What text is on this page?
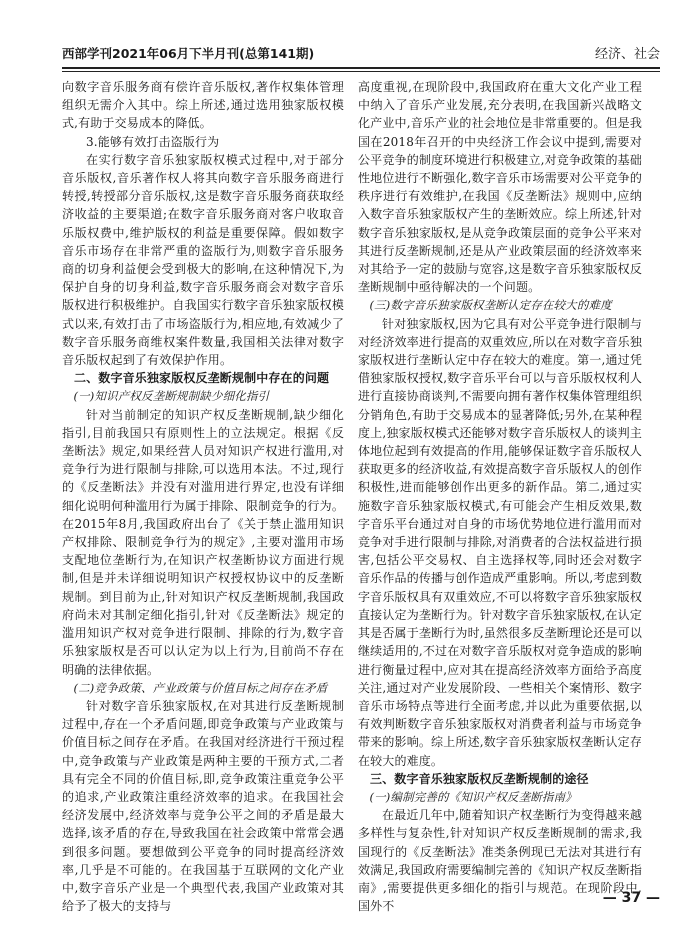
西部学刊2021年06月下半月刊(总第141期)	经济、社会

向数字音乐服务商有偿许音乐版权,著作权集体管理组织无需介入其中。综上所述,通过选用独家版权模式,有助于交易成本的降低。

3.能够有效打击盗版行为

在实行数字音乐独家版权模式过程中,对于部分音乐版权,音乐著作权人将其向数字音乐服务商进行转授,转授部分音乐版权,这是数字音乐服务商获取经济收益的主要渠道;在数字音乐服务商对客户收取音乐版权费中,维护版权的利益是重要保障。假如数字音乐市场存在非常严重的盗版行为,则数字音乐服务商的切身利益便会受到极大的影响,在这种情况下,为保护自身的切身利益,数字音乐服务商会对数字音乐版权进行积极维护。自我国实行数字音乐独家版权模式以来,有效打击了市场盗版行为,相应地,有效减少了数字音乐服务商维权案件数量,我国相关法律对数字音乐版权起到了有效保护作用。

二、数字音乐独家版权反垄断规制中存在的问题

(一)知识产权反垄断规制缺少细化指引

针对当前制定的知识产权反垄断规制,缺少细化指引,目前我国只有原则性上的立法规定。根据《反垄断法》规定,如果经营人员对知识产权进行滥用,对竞争行为进行限制与排除,可以选用本法。不过,现行的《反垄断法》并没有对滥用进行界定,也没有详细细化说明何种滥用行为属于排除、限制竞争的行为。在2015年8月,我国政府出台了《关于禁止滥用知识产权排除、限制竞争行为的规定》,主要对滥用市场支配地位垄断行为,在知识产权垄断协议方面进行规制,但是并未详细说明知识产权授权协议中的反垄断规制。到目前为止,针对知识产权反垄断规制,我国政府尚未对其制定细化指引,针对《反垄断法》规定的滥用知识产权对竞争进行限制、排除的行为,数字音乐独家版权是否可以认定为以上行为,目前尚不存在明确的法律依据。

(二)竞争政策、产业政策与价值目标之间存在矛盾

针对数字音乐独家版权,在对其进行反垄断规制过程中,存在一个矛盾问题,即竞争政策与产业政策与价值目标之间存在矛盾。在我国对经济进行干预过程中,竞争政策与产业政策是两种主要的干预方式,二者具有完全不同的价值目标,即,竞争政策注重竞争公平的追求,产业政策注重经济效率的追求。在我国社会经济发展中,经济效率与竞争公平之间的矛盾是最大选择,该矛盾的存在,导致我国在社会政策中常常会遇到很多问题。要想做到公平竞争的同时提高经济效率,几乎是不可能的。在我国基于互联网的文化产业中,数字音乐产业是一个典型代表,我国产业政策对其给予了极大的支持与

高度重视,在现阶段中,我国政府在重大文化产业工程中纳入了音乐产业发展,充分表明,在我国新兴战略文化产业中,音乐产业的社会地位是非常重要的。但是我国在2018年召开的中央经济工作会议中提到,需要对公平竞争的制度环境进行积极建立,对竞争政策的基础性地位进行不断强化,数字音乐市场需要对公平竞争的秩序进行有效维护,在我国《反垄断法》规则中,应纳入数字音乐独家版权产生的垄断效应。综上所述,针对数字音乐独家版权,是从竞争政策层面的竞争公平来对其进行反垄断规制,还是从产业政策层面的经济效率来对其给予一定的鼓励与宽容,这是数字音乐独家版权反垄断规制中亟待解决的一个问题。

(三)数字音乐独家版权垄断认定存在较大的难度

针对独家版权,因为它具有对公平竞争进行限制与对经济效率进行提高的双重效应,所以在对数字音乐独家版权进行垄断认定中存在较大的难度。第一,通过凭借独家版权授权,数字音乐平台可以与音乐版权权利人进行直接协商谈判,不需要向拥有著作权集体管理组织分销角色,有助于交易成本的显著降低;另外,在某种程度上,独家版权模式还能够对数字音乐版权人的谈判主体地位起到有效提高的作用,能够保证数字音乐版权人获取更多的经济收益,有效提高数字音乐版权人的创作积极性,进而能够创作出更多的新作品。第二,通过实施数字音乐独家版权模式,有可能会产生相反效果,数字音乐平台通过对自身的市场优势地位进行滥用而对竞争对手进行限制与排除,对消费者的合法权益进行损害,包括公平交易权、自主选择权等,同时还会对数字音乐作品的传播与创作造成严重影响。所以,考虑到数字音乐版权具有双重效应,不可以将数字音乐独家版权直接认定为垄断行为。针对数字音乐独家版权,在认定其是否属于垄断行为时,虽然很多反垄断理论还是可以继续适用的,不过在对数字音乐版权对竞争造成的影响进行衡量过程中,应对其在提高经济效率方面给予高度关注,通过对产业发展阶段、一些相关个案情形、数字音乐市场特点等进行全面考虑,并以此为重要依据,以有效判断数字音乐独家版权对消费者利益与市场竞争带来的影响。综上所述,数字音乐独家版权垄断认定存在较大的难度。

三、数字音乐独家版权反垄断规制的途径

(一)编制完善的《知识产权反垄断指南》

在最近几年中,随着知识产权垄断行为变得越来越多样性与复杂性,针对知识产权反垄断规制的需求,我国现行的《反垄断法》准类条例现已无法对其进行有效满足,我国政府需要编制完善的《知识产权反垄断指南》,需要提供更多细化的指引与规范。在现阶段中,国外不

— 37 —
